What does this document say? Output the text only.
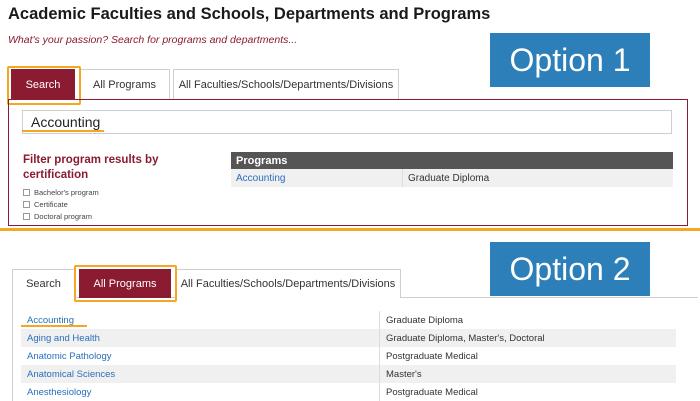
Academic Faculties and Schools, Departments and Programs
What's your passion? Search for programs and departments...
Option 1
Search	All Programs	All Faculties/Schools/Departments/Divisions
Accounting
Filter program results by certification
Bachelor's program
Certificate
Doctoral program
Programs
Accounting	Graduate Diploma
Option 2
Search	All Programs	All Faculties/Schools/Departments/Divisions
Accounting	Graduate Diploma
Aging and Health	Graduate Diploma, Master's, Doctoral
Anatomic Pathology	Postgraduate Medical
Anatomical Sciences	Master's
Anesthesiology	Postgraduate Medical
